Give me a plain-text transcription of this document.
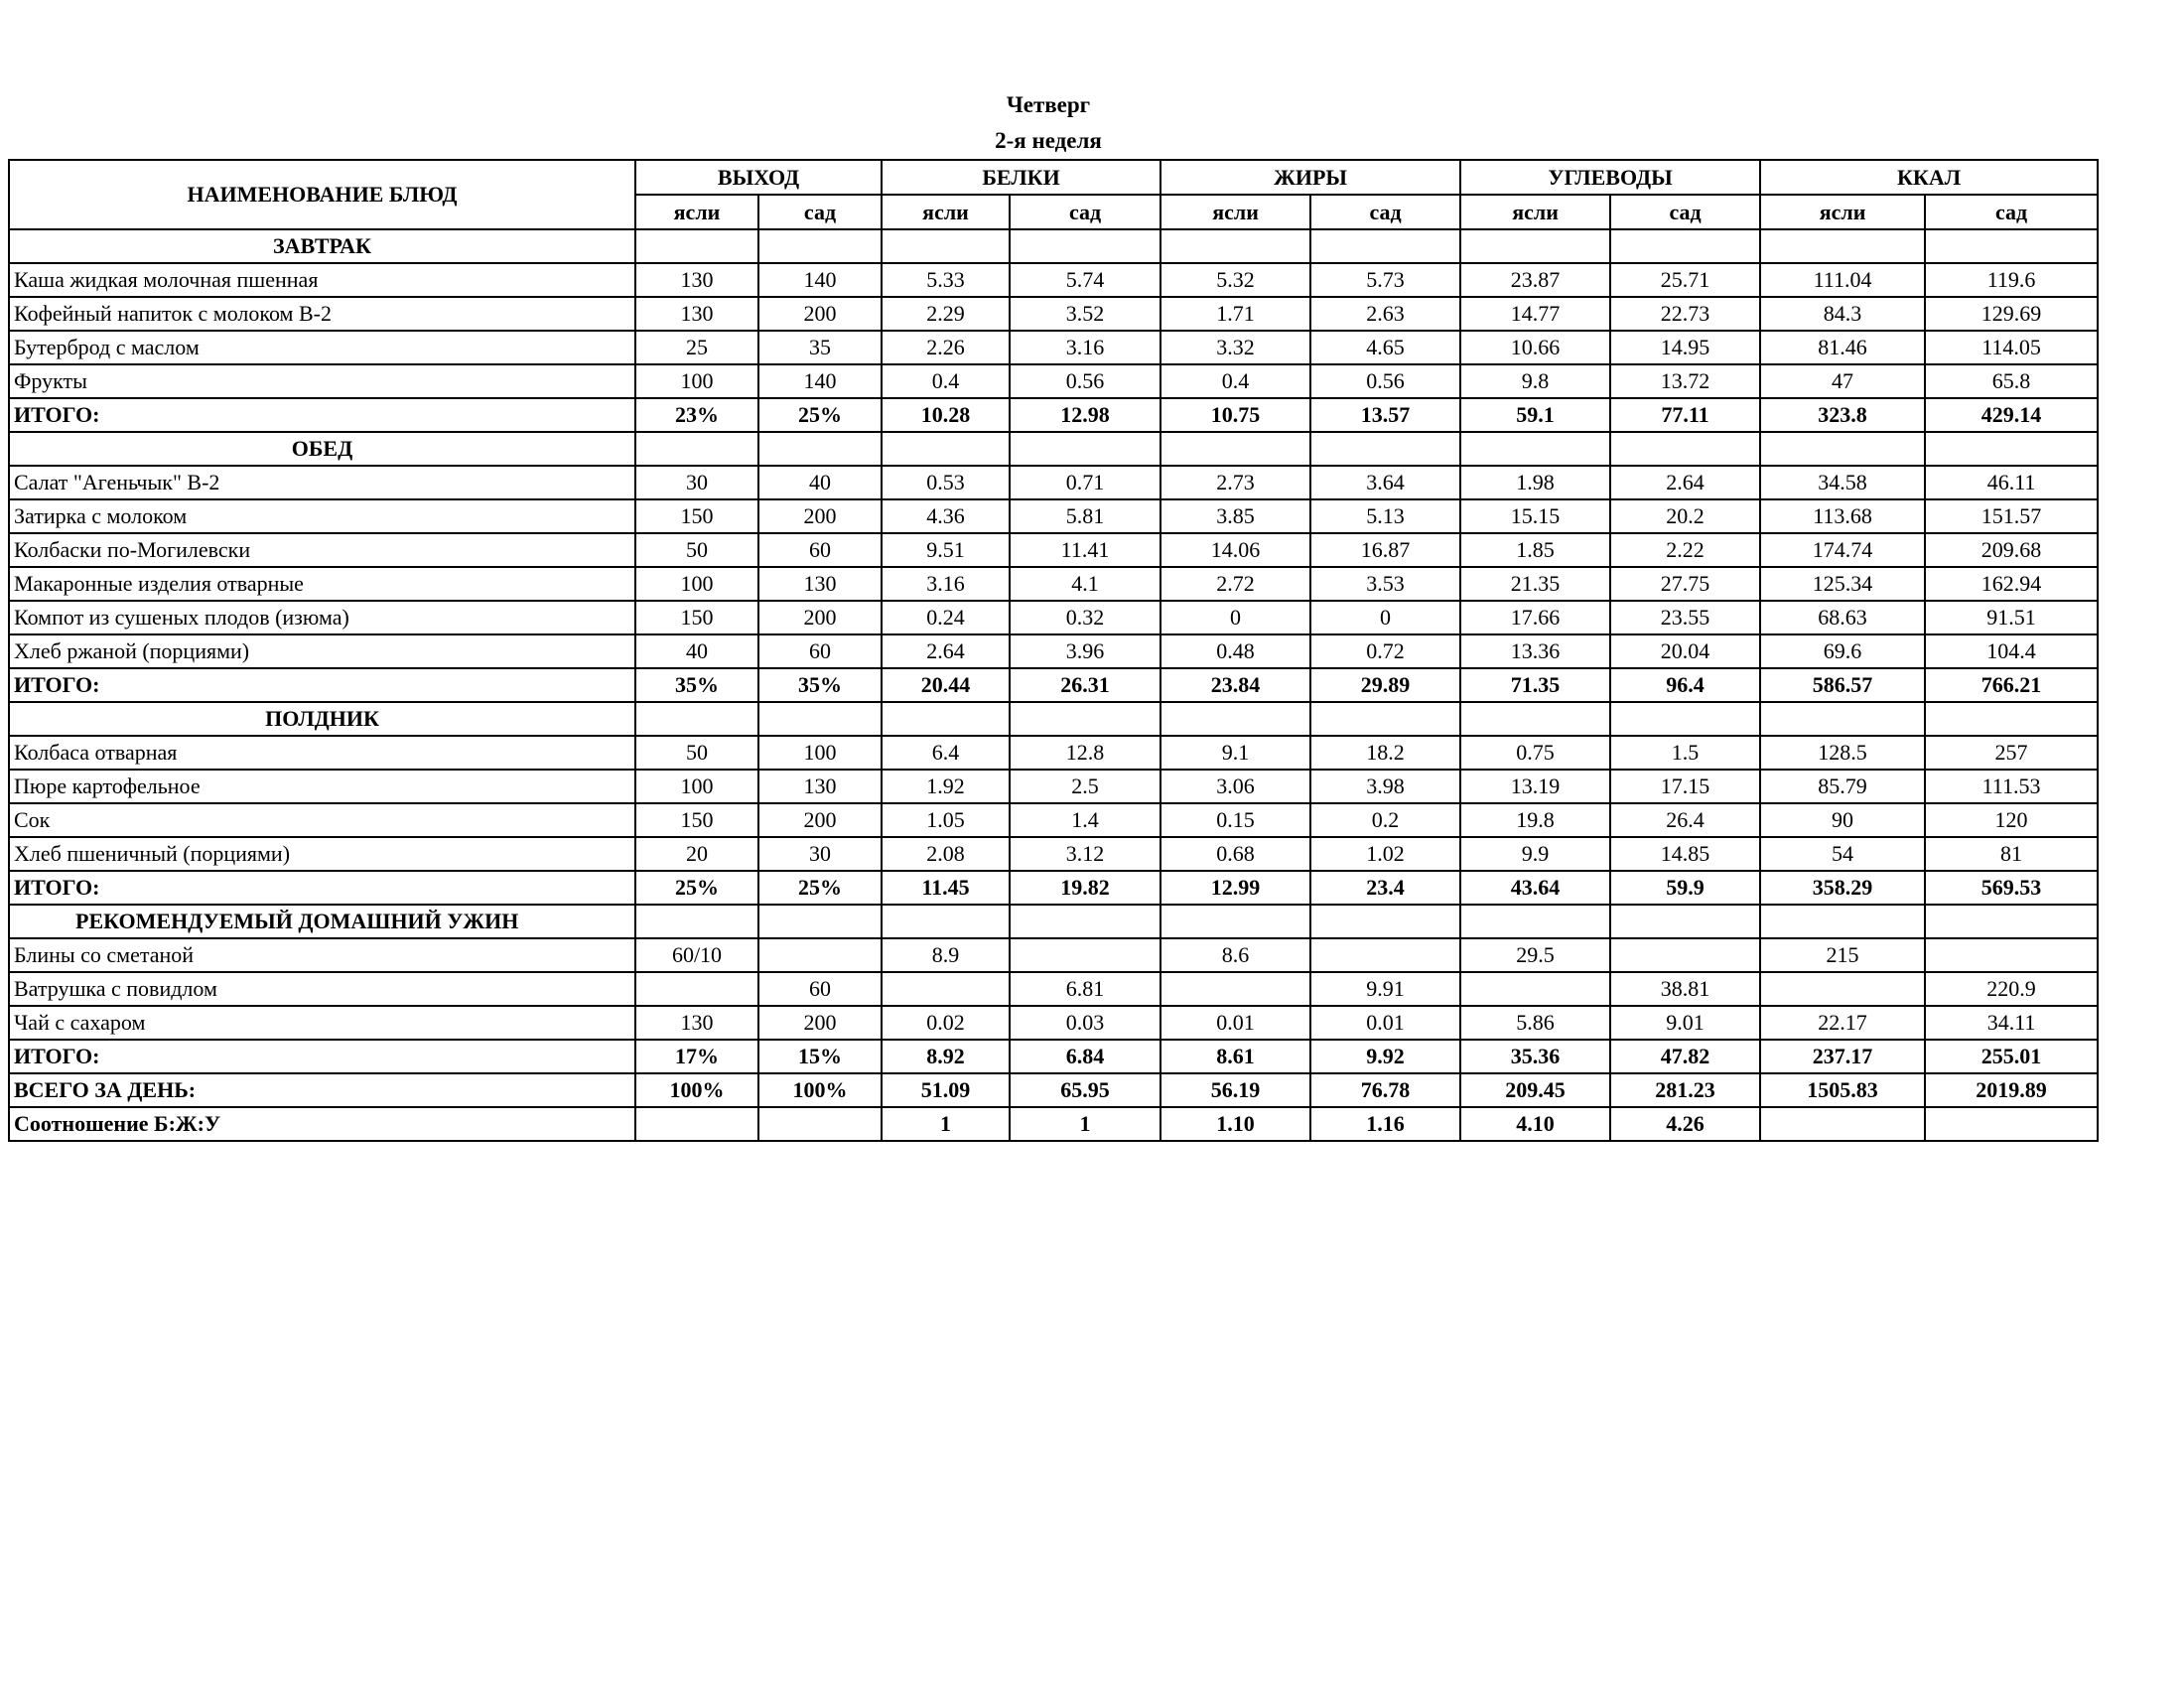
Четверг
2-я неделя
НАИМЕНОВАНИЕ БЛЮД	ВЫХОД		БЕЛКИ		ЖИРЫ		УГЛЕВОДЫ		ККАЛ	
	ясли	сад	ясли	сад	ясли	сад	ясли	сад	ясли	сад
ЗАВТРАК										
Каша жидкая молочная пшенная	130	140	5.33	5.74	5.32	5.73	23.87	25.71	111.04	119.6
Кофейный напиток с молоком В-2	130	200	2.29	3.52	1.71	2.63	14.77	22.73	84.3	129.69
Бутерброд с маслом	25	35	2.26	3.16	3.32	4.65	10.66	14.95	81.46	114.05
Фрукты	100	140	0.4	0.56	0.4	0.56	9.8	13.72	47	65.8
ИТОГО:	23%	25%	10.28	12.98	10.75	13.57	59.1	77.11	323.8	429.14
ОБЕД										
Салат "Агеньчык" В-2	30	40	0.53	0.71	2.73	3.64	1.98	2.64	34.58	46.11
Затирка с молоком	150	200	4.36	5.81	3.85	5.13	15.15	20.2	113.68	151.57
Колбаски по-Могилевски	50	60	9.51	11.41	14.06	16.87	1.85	2.22	174.74	209.68
Макаронные изделия отварные	100	130	3.16	4.1	2.72	3.53	21.35	27.75	125.34	162.94
Компот из сушеных плодов (изюма)	150	200	0.24	0.32	0	0	17.66	23.55	68.63	91.51
Хлеб ржаной (порциями)	40	60	2.64	3.96	0.48	0.72	13.36	20.04	69.6	104.4
ИТОГО:	35%	35%	20.44	26.31	23.84	29.89	71.35	96.4	586.57	766.21
ПОЛДНИК										
Колбаса отварная	50	100	6.4	12.8	9.1	18.2	0.75	1.5	128.5	257
Пюре картофельное	100	130	1.92	2.5	3.06	3.98	13.19	17.15	85.79	111.53
Сок	150	200	1.05	1.4	0.15	0.2	19.8	26.4	90	120
Хлеб пшеничный (порциями)	20	30	2.08	3.12	0.68	1.02	9.9	14.85	54	81
ИТОГО:	25%	25%	11.45	19.82	12.99	23.4	43.64	59.9	358.29	569.53
РЕКОМЕНДУЕМЫЙ ДОМАШНИЙ УЖИН										
Блины со сметаной	60/10		8.9		8.6		29.5		215	
Ватрушка с повидлом		60		6.81		9.91		38.81		220.9
Чай с сахаром	130	200	0.02	0.03	0.01	0.01	5.86	9.01	22.17	34.11
ИТОГО:	17%	15%	8.92	6.84	8.61	9.92	35.36	47.82	237.17	255.01
ВСЕГО ЗА ДЕНЬ:	100%	100%	51.09	65.95	56.19	76.78	209.45	281.23	1505.83	2019.89
Соотношение Б:Ж:У			1	1	1.10	1.16	4.10	4.26		
